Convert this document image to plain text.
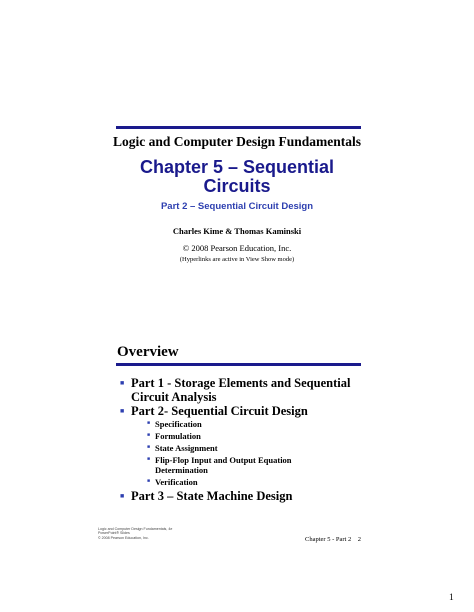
Logic and Computer Design Fundamentals
Chapter 5 – Sequential
Circuits
Part 2 – Sequential Circuit Design
Charles Kime & Thomas Kaminski
© 2008 Pearson Education, Inc.
(Hyperlinks are active in View Show mode)
Overview
■ Part 1 - Storage Elements and Sequential
Circuit Analysis
■ Part 2- Sequential Circuit Design
■ Specification
■ Formulation
■ State Assignment
■ Flip-Flop Input and Output Equation
Determination
■ Verification
■ Part 3 – State Machine Design
Logic and Computer Design Fundamentals, 4e
PowerPoint® Slides
© 2008 Pearson Education, Inc.	Chapter 5 - Part 2    2
1
